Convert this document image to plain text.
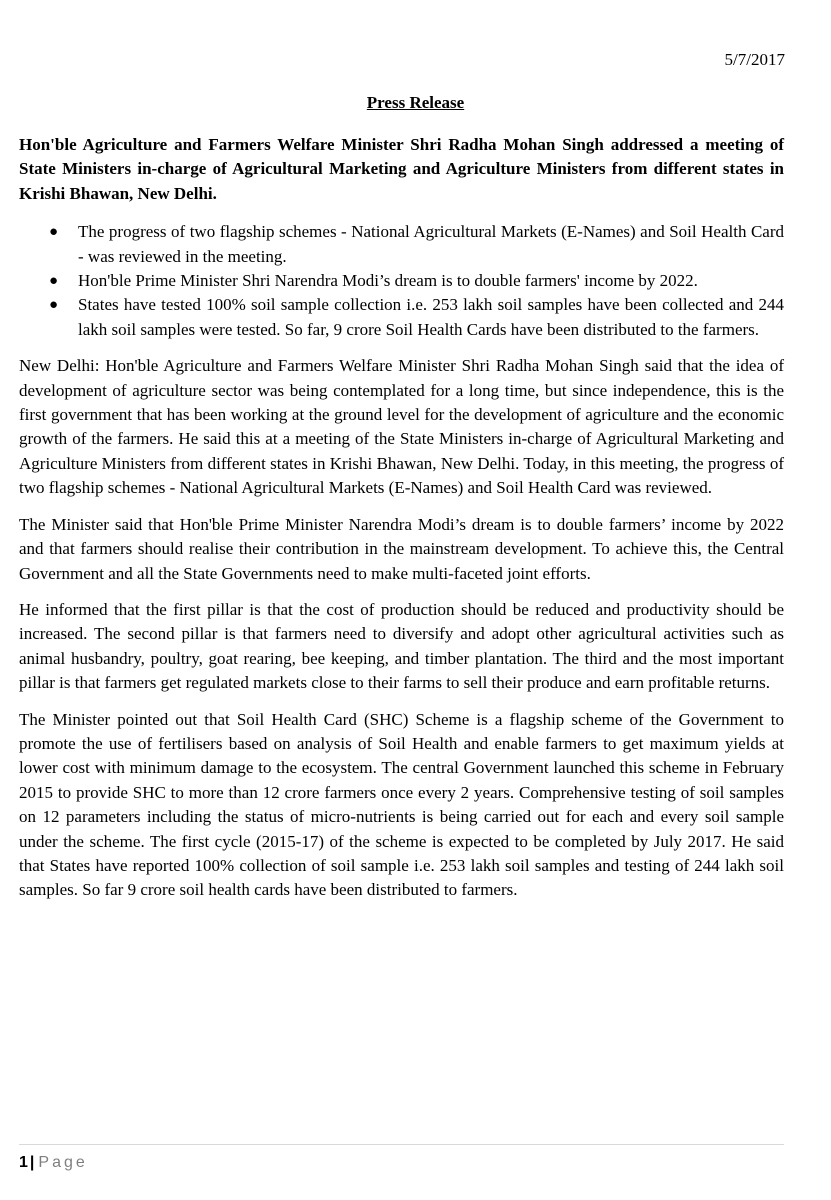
5/7/2017
Press Release

Hon'ble Agriculture and Farmers Welfare Minister Shri Radha Mohan Singh addressed a meeting of State Ministers in-charge of Agricultural Marketing and Agriculture Ministers from different states in Krishi Bhawan, New Delhi.

● The progress of two flagship schemes - National Agricultural Markets (E-Names) and Soil Health Card - was reviewed in the meeting.
● Hon'ble Prime Minister Shri Narendra Modi’s dream is to double farmers' income by 2022.
● States have tested 100% soil sample collection i.e. 253 lakh soil samples have been collected and 244 lakh soil samples were tested. So far, 9 crore Soil Health Cards have been distributed to the farmers.

New Delhi: Hon'ble Agriculture and Farmers Welfare Minister Shri Radha Mohan Singh said that the idea of development of agriculture sector was being contemplated for a long time, but since independence, this is the first government that has been working at the ground level for the development of agriculture and the economic growth of the farmers. He said this at a meeting of the State Ministers in-charge of Agricultural Marketing and Agriculture Ministers from different states in Krishi Bhawan, New Delhi. Today, in this meeting, the progress of two flagship schemes - National Agricultural Markets (E-Names) and Soil Health Card was reviewed.

The Minister said that Hon'ble Prime Minister Narendra Modi’s dream is to double farmers’ income by 2022 and that farmers should realise their contribution in the mainstream development. To achieve this, the Central Government and all the State Governments need to make multi-faceted joint efforts.

He informed that the first pillar is that the cost of production should be reduced and productivity should be increased. The second pillar is that farmers need to diversify and adopt other agricultural activities such as animal husbandry, poultry, goat rearing, bee keeping, and timber plantation. The third and the most important pillar is that farmers get regulated markets close to their farms to sell their produce and earn profitable returns.

The Minister pointed out that Soil Health Card (SHC) Scheme is a flagship scheme of the Government to promote the use of fertilisers based on analysis of Soil Health and enable farmers to get maximum yields at lower cost with minimum damage to the ecosystem. The central Government launched this scheme in February 2015 to provide SHC to more than 12 crore farmers once every 2 years. Comprehensive testing of soil samples on 12 parameters including the status of micro-nutrients is being carried out for each and every soil sample under the scheme. The first cycle (2015-17) of the scheme is expected to be completed by July 2017. He said that States have reported 100% collection of soil sample i.e. 253 lakh soil samples and testing of 244 lakh soil samples. So far 9 crore soil health cards have been distributed to farmers.

1 | Page
